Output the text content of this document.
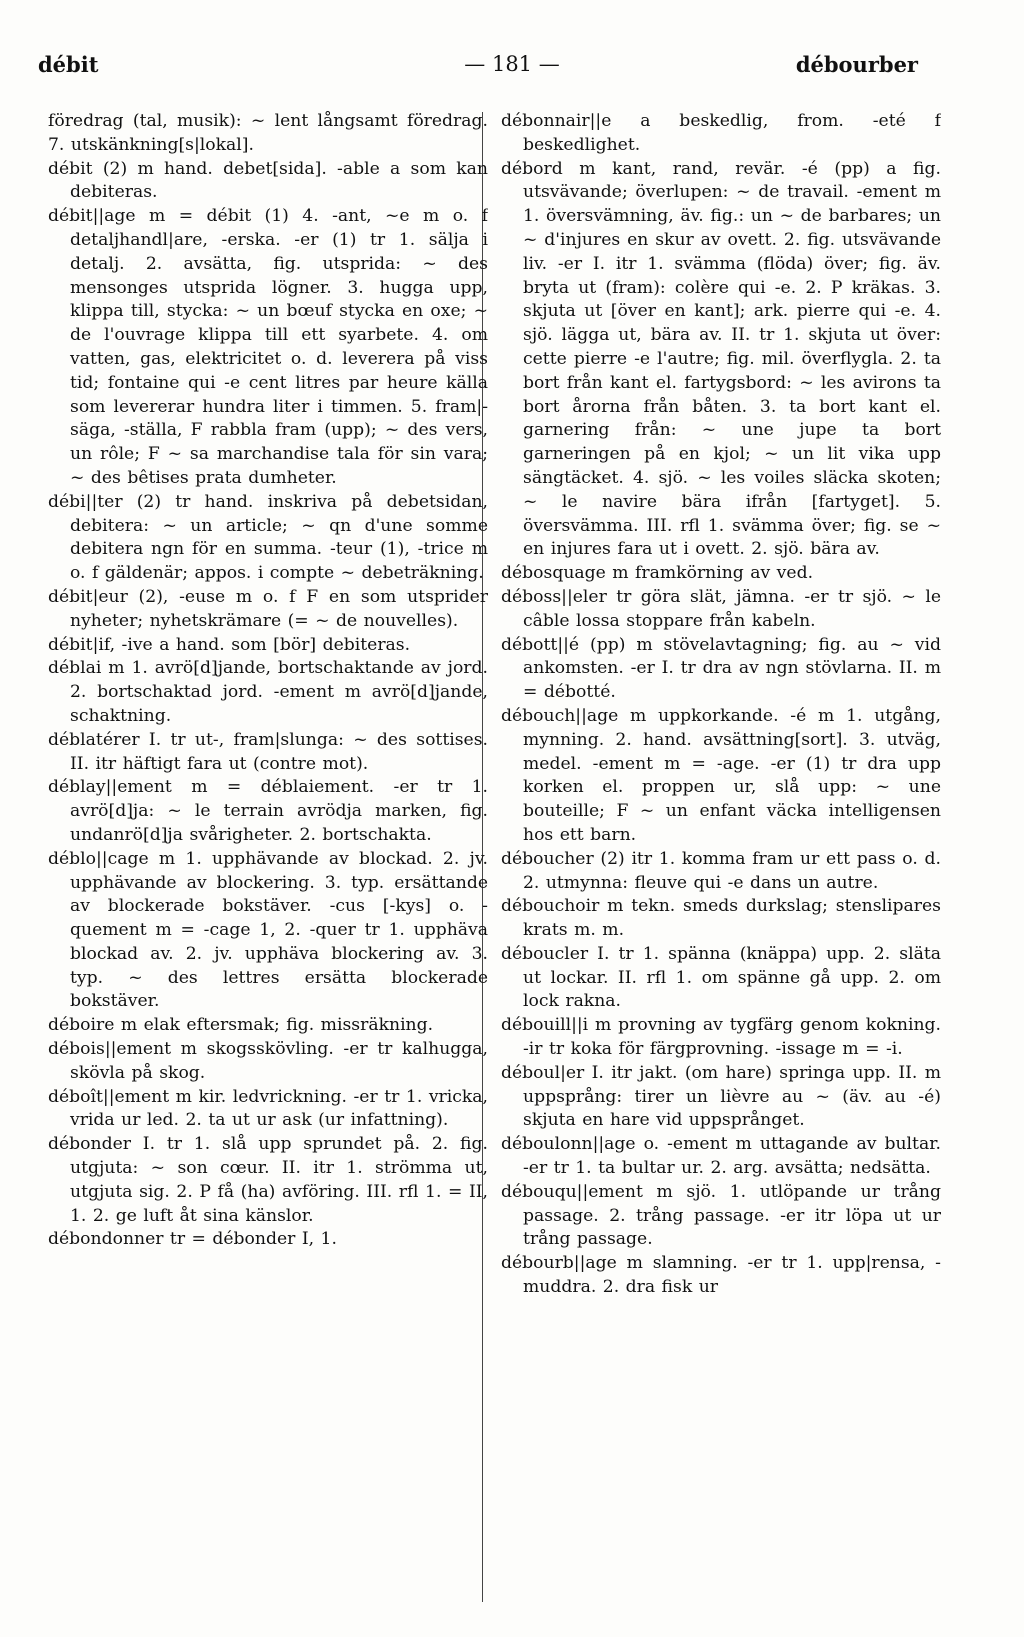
débit	— 181 —	débourber

föredrag (tal, musik): ~ lent långsamt föredrag. 7. utskänkning[s|lokal].

débit (2) m hand. debet[sida]. -able a som kan debiteras.

débit||age m = débit (1) 4. -ant, ~e m o. f detaljhandl|are, -erska. -er (1) tr 1. sälja i detalj. 2. avsätta, fig. utsprida: ~ des mensonges utsprida lögner. 3. hugga upp, klippa till, stycka: ~ un bœuf stycka en oxe; ~ de l'ouvrage klippa till ett syarbete. 4. om vatten, gas, elektricitet o. d. leverera på viss tid; fontaine qui -e cent litres par heure källa som levererar hundra liter i timmen. 5. fram|-säga, -ställa, F rabbla fram (upp); ~ des vers, un rôle; F ~ sa marchandise tala för sin vara; ~ des bêtises prata dumheter.

débi||ter (2) tr hand. inskriva på debetsidan, debitera: ~ un article; ~ qn d'une somme debitera ngn för en summa. -teur (1), -trice m o. f gäldenär; appos. i compte ~ debeträkning.

débit|eur (2), -euse m o. f F en som utsprider nyheter; nyhetskrämare (= ~ de nouvelles).

débit|if, -ive a hand. som [bör] debiteras.

déblai m 1. avrö[d]jande, bortschaktande av jord. 2. bortschaktad jord. -ement m avrö[d]jande, schaktning.

déblatérer I. tr ut-, fram|slunga: ~ des sottises. II. itr häftigt fara ut (contre mot).

déblay||ement m = déblaiement. -er tr 1. avrö[d]ja: ~ le terrain avrödja marken, fig. undanrö[d]ja svårigheter. 2. bortschakta.

déblo||cage m 1. upphävande av blockad. 2. jv. upphävande av blockering. 3. typ. ersättande av blockerade bokstäver. -cus [-kys] o. -quement m = -cage 1, 2. -quer tr 1. upphäva blockad av. 2. jv. upphäva blockering av. 3. typ. ~ des lettres ersätta blockerade bokstäver.

déboire m elak eftersmak; fig. missräkning.

débois||ement m skogsskövling. -er tr kalhugga, skövla på skog.

déboît||ement m kir. ledvrickning. -er tr 1. vricka, vrida ur led. 2. ta ut ur ask (ur infattning).

débonder I. tr 1. slå upp sprundet på. 2. fig. utgjuta: ~ son cœur. II. itr 1. strömma ut, utgjuta sig. 2. P få (ha) avföring. III. rfl 1. = II, 1. 2. ge luft åt sina känslor.

débondonner tr = débonder I, 1.

débonnair||e a beskedlig, from. -eté f beskedlighet.

débord m kant, rand, revär. -é (pp) a fig. utsvävande; överlupen: ~ de travail. -ement m 1. översvämning, äv. fig.: un ~ de barbares; un ~ d'injures en skur av ovett. 2. fig. utsvävande liv. -er I. itr 1. svämma (flöda) över; fig. äv. bryta ut (fram): colère qui -e. 2. P kräkas. 3. skjuta ut [över en kant]; ark. pierre qui -e. 4. sjö. lägga ut, bära av. II. tr 1. skjuta ut över: cette pierre -e l'autre; fig. mil. överflygla. 2. ta bort från kant el. fartygsbord: ~ les avirons ta bort årorna från båten. 3. ta bort kant el. garnering från: ~ une jupe ta bort garneringen på en kjol; ~ un lit vika upp sängtäcket. 4. sjö. ~ les voiles släcka skoten; ~ le navire bära ifrån [fartyget]. 5. översvämma. III. rfl 1. svämma över; fig. se ~ en injures fara ut i ovett. 2. sjö. bära av.

débosquage m framkörning av ved.

déboss||eler tr göra slät, jämna. -er tr sjö. ~ le câble lossa stoppare från kabeln.

débott||é (pp) m stövelavtagning; fig. au ~ vid ankomsten. -er I. tr dra av ngn stövlarna. II. m = débotté.

débouch||age m uppkorkande. -é m 1. utgång, mynning. 2. hand. avsättning[sort]. 3. utväg, medel. -ement m = -age. -er (1) tr dra upp korken el. proppen ur, slå upp: ~ une bouteille; F ~ un enfant väcka intelligensen hos ett barn.

déboucher (2) itr 1. komma fram ur ett pass o. d. 2. utmynna: fleuve qui -e dans un autre.

débouchoir m tekn. smeds durkslag; stenslipares krats m. m.

déboucler I. tr 1. spänna (knäppa) upp. 2. släta ut lockar. II. rfl 1. om spänne gå upp. 2. om lock rakna.

débouill||i m provning av tygfärg genom kokning. -ir tr koka för färgprovning. -issage m = -i.

déboul|er I. itr jakt. (om hare) springa upp. II. m uppsprång: tirer un lièvre au ~ (äv. au -é) skjuta en hare vid uppsprånget.

déboulonn||age o. -ement m uttagande av bultar. -er tr 1. ta bultar ur. 2. arg. avsätta; nedsätta.

débouqu||ement m sjö. 1. utlöpande ur trång passage. 2. trång passage. -er itr löpa ut ur trång passage.

débourb||age m slamning. -er tr 1. upp|rensa, -muddra. 2. dra fisk ur
